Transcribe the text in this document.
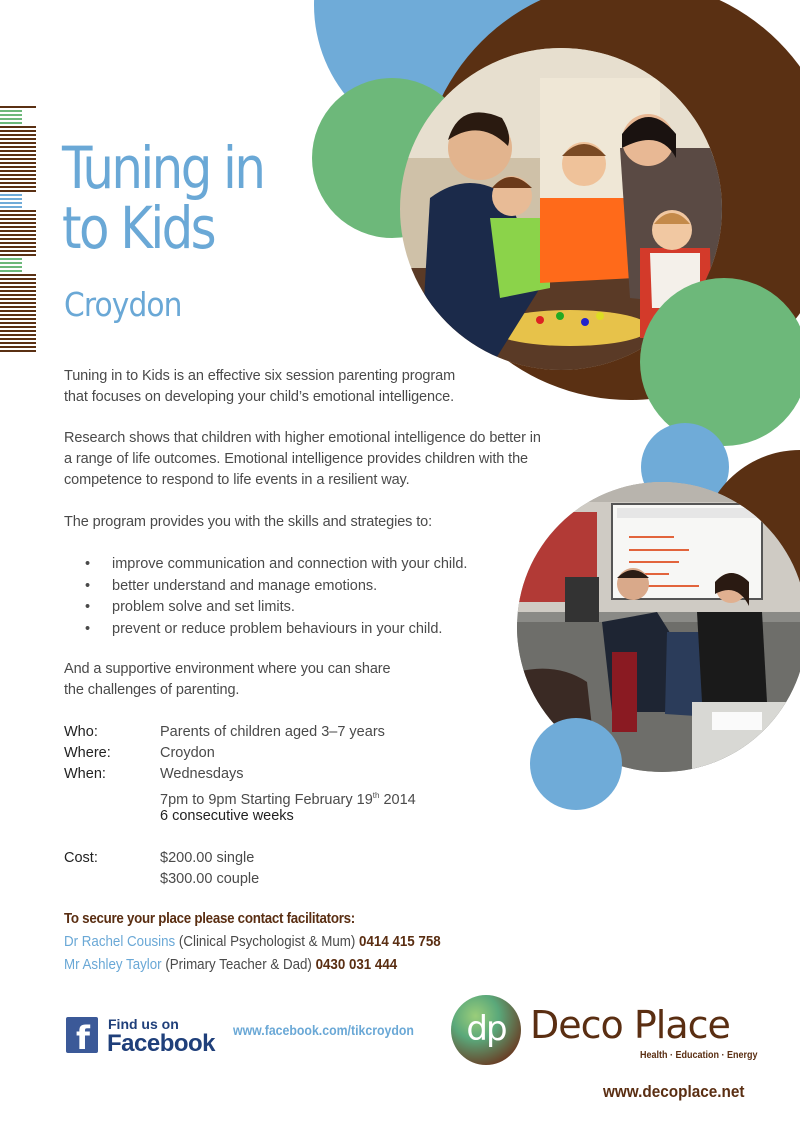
Tuning in
to Kids
Croydon

Tuning in to Kids is an effective six session parenting program
that focuses on developing your child’s emotional intelligence.

Research shows that children with higher emotional intelligence do better in
a range of life outcomes. Emotional intelligence provides children with the
competence to respond to life events in a resilient way.

The program provides you with the skills and strategies to:

• improve communication and connection with your child.
• better understand and manage emotions.
• problem solve and set limits.
• prevent or reduce problem behaviours in your child.

And a supportive environment where you can share
the challenges of parenting.

Who:	Parents of children aged 3–7 years
Where:	Croydon
When:	Wednesdays
7pm to 9pm Starting February 19th 2014
6 consecutive weeks
Cost:	$200.00 single
$300.00 couple
To secure your place please contact facilitators:
Dr Rachel Cousins (Clinical Psychologist & Mum) 0414 415 758
Mr Ashley Taylor (Primary Teacher & Dad) 0430 031 444
f Find us on
Facebook www.facebook.com/tikcroydon	dp Deco Place
Health · Education · Energy
www.decoplace.net
